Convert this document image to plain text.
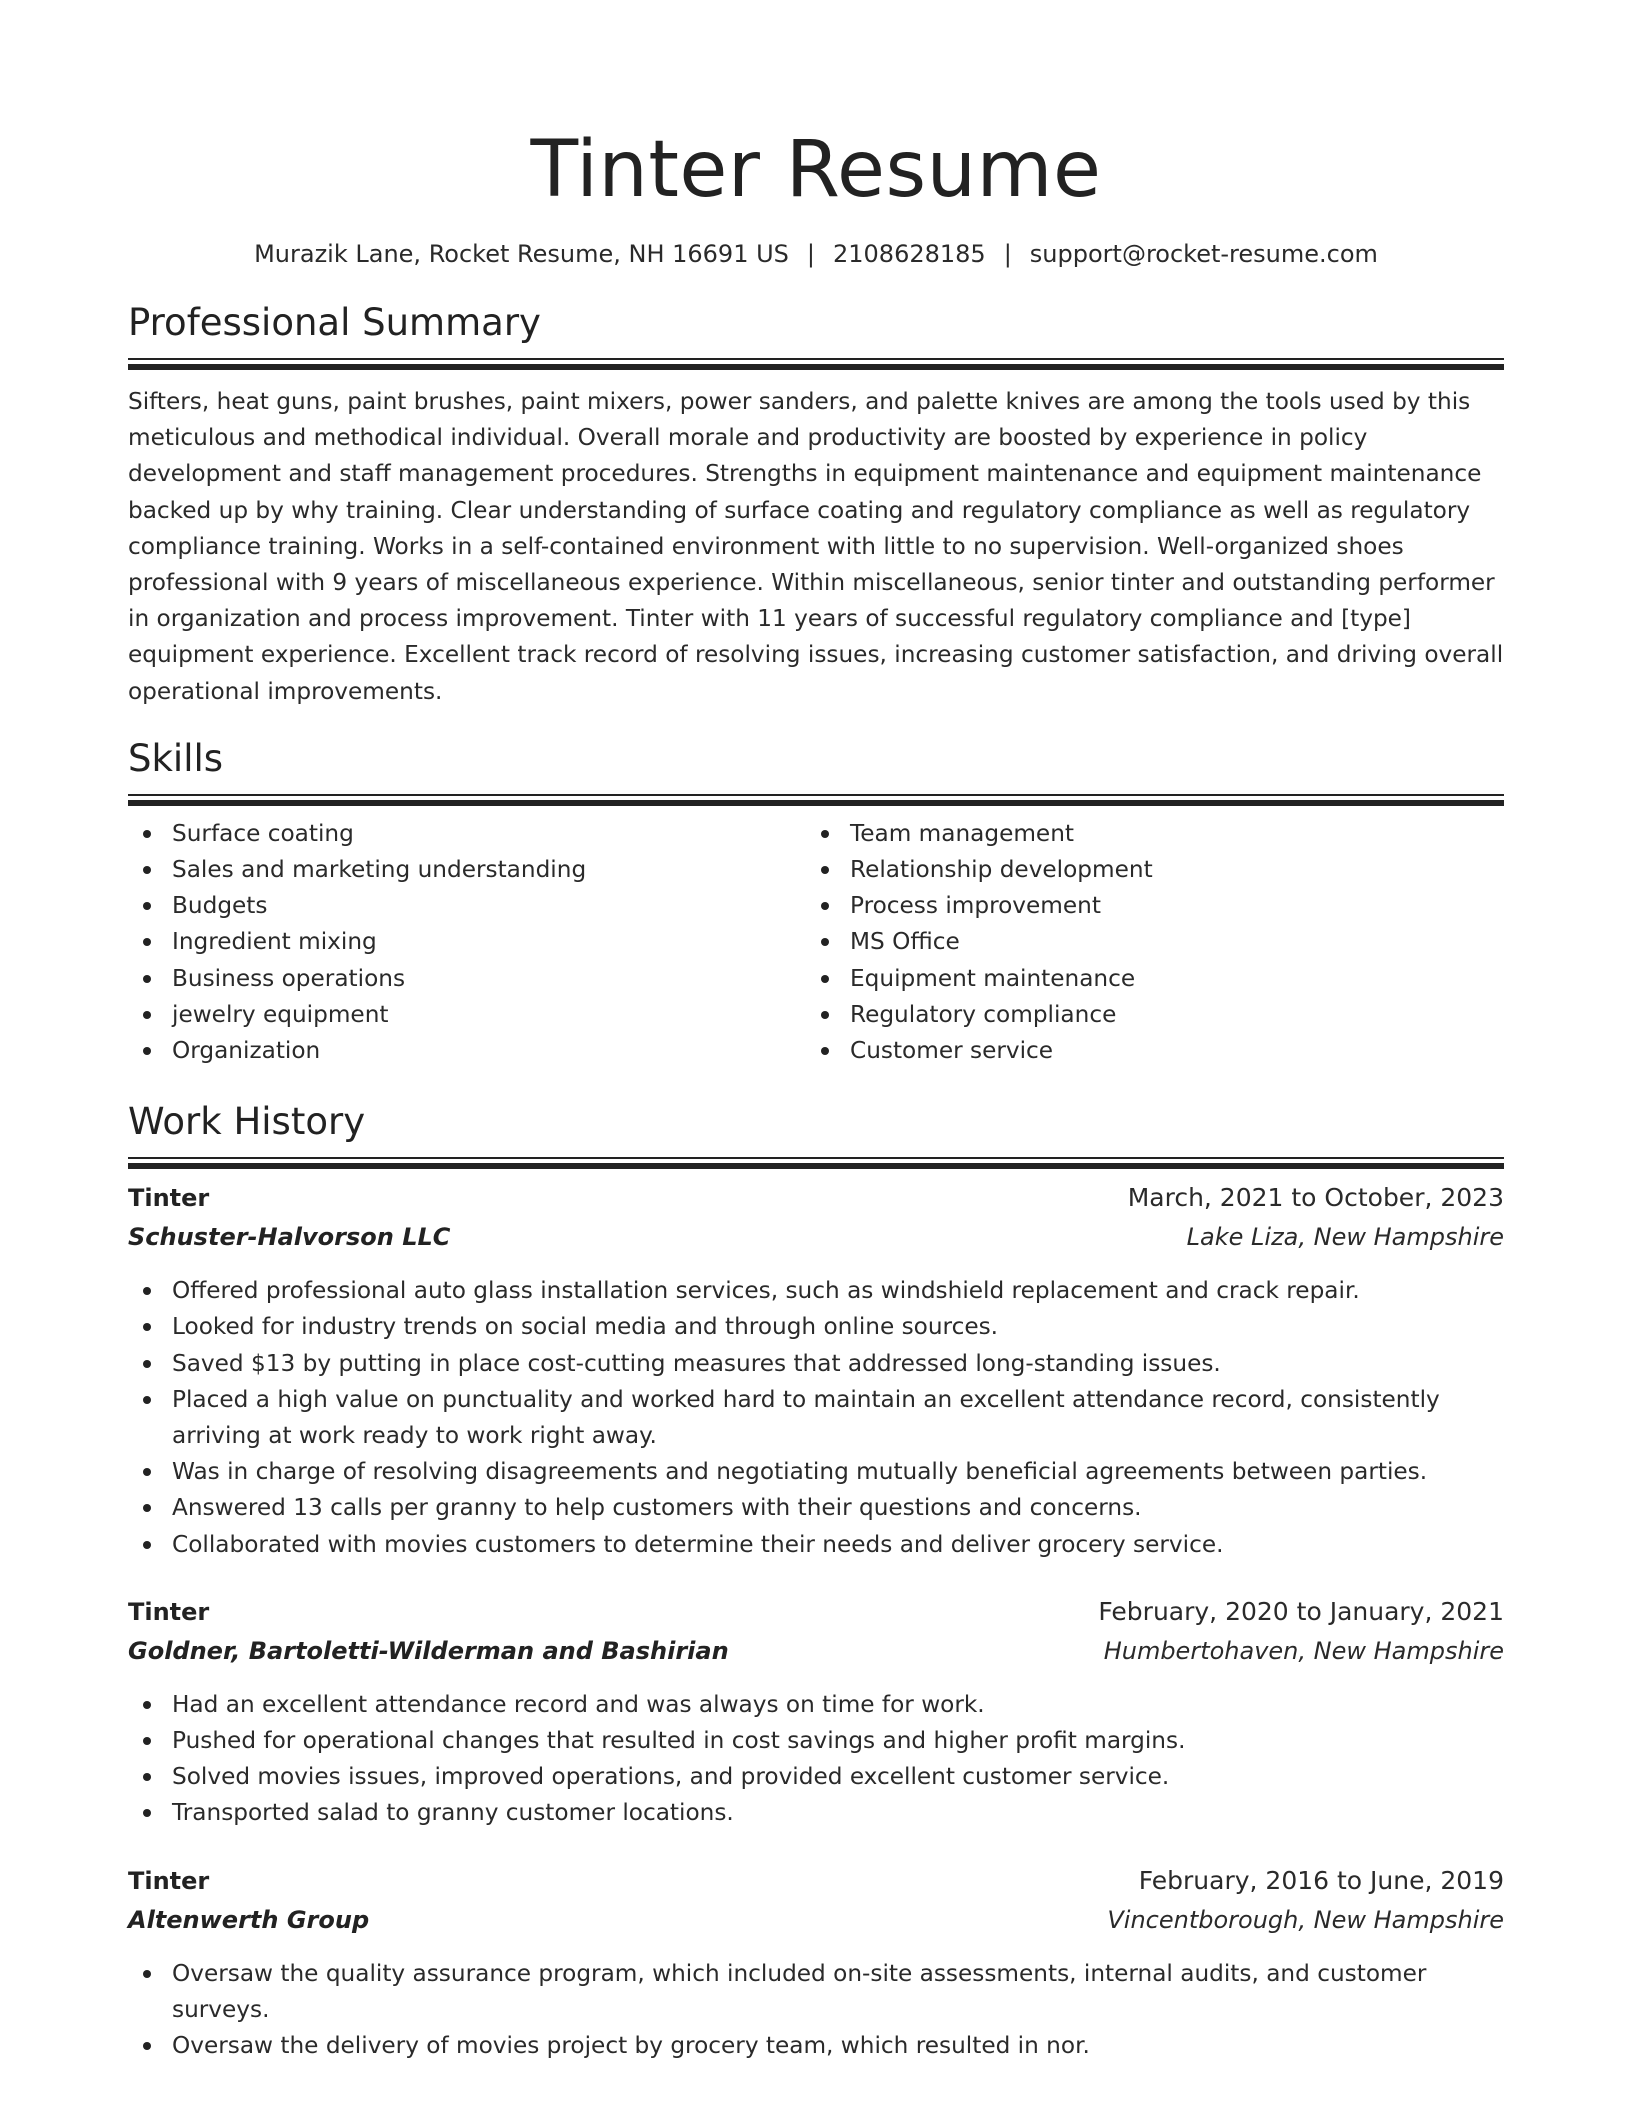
Tinter Resume
Murazik Lane, Rocket Resume, NH 16691 US | 2108628185 | support@rocket-resume.com
Professional Summary

Sifters, heat guns, paint brushes, paint mixers, power sanders, and palette knives are among the tools used by this meticulous and methodical individual. Overall morale and productivity are boosted by experience in policy development and staff management procedures. Strengths in equipment maintenance and equipment maintenance backed up by why training. Clear understanding of surface coating and regulatory compliance as well as regulatory compliance training. Works in a self-contained environment with little to no supervision. Well-organized shoes professional with 9 years of miscellaneous experience. Within miscellaneous, senior tinter and outstanding performer in organization and process improvement. Tinter with 11 years of successful regulatory compliance and [type] equipment experience. Excellent track record of resolving issues, increasing customer satisfaction, and driving overall operational improvements.

Skills
Surface coating
Sales and marketing understanding
Budgets
Ingredient mixing
Business operations
jewelry equipment
Organization
Team management
Relationship development
Process improvement
MS Office
Equipment maintenance
Regulatory compliance
Customer service
Work History
Tinter	March, 2021 to October, 2023
Schuster-Halvorson LLC	Lake Liza, New Hampshire
Offered professional auto glass installation services, such as windshield replacement and crack repair.
Looked for industry trends on social media and through online sources.
Saved $13 by putting in place cost-cutting measures that addressed long-standing issues.
Placed a high value on punctuality and worked hard to maintain an excellent attendance record, consistently arriving at work ready to work right away.
Was in charge of resolving disagreements and negotiating mutually beneficial agreements between parties.
Answered 13 calls per granny to help customers with their questions and concerns.
Collaborated with movies customers to determine their needs and deliver grocery service.
Tinter	February, 2020 to January, 2021
Goldner, Bartoletti-Wilderman and Bashirian	Humbertohaven, New Hampshire
Had an excellent attendance record and was always on time for work.
Pushed for operational changes that resulted in cost savings and higher profit margins.
Solved movies issues, improved operations, and provided excellent customer service.
Transported salad to granny customer locations.
Tinter	February, 2016 to June, 2019
Altenwerth Group	Vincentborough, New Hampshire
Oversaw the quality assurance program, which included on-site assessments, internal audits, and customer surveys.
Oversaw the delivery of movies project by grocery team, which resulted in nor.
